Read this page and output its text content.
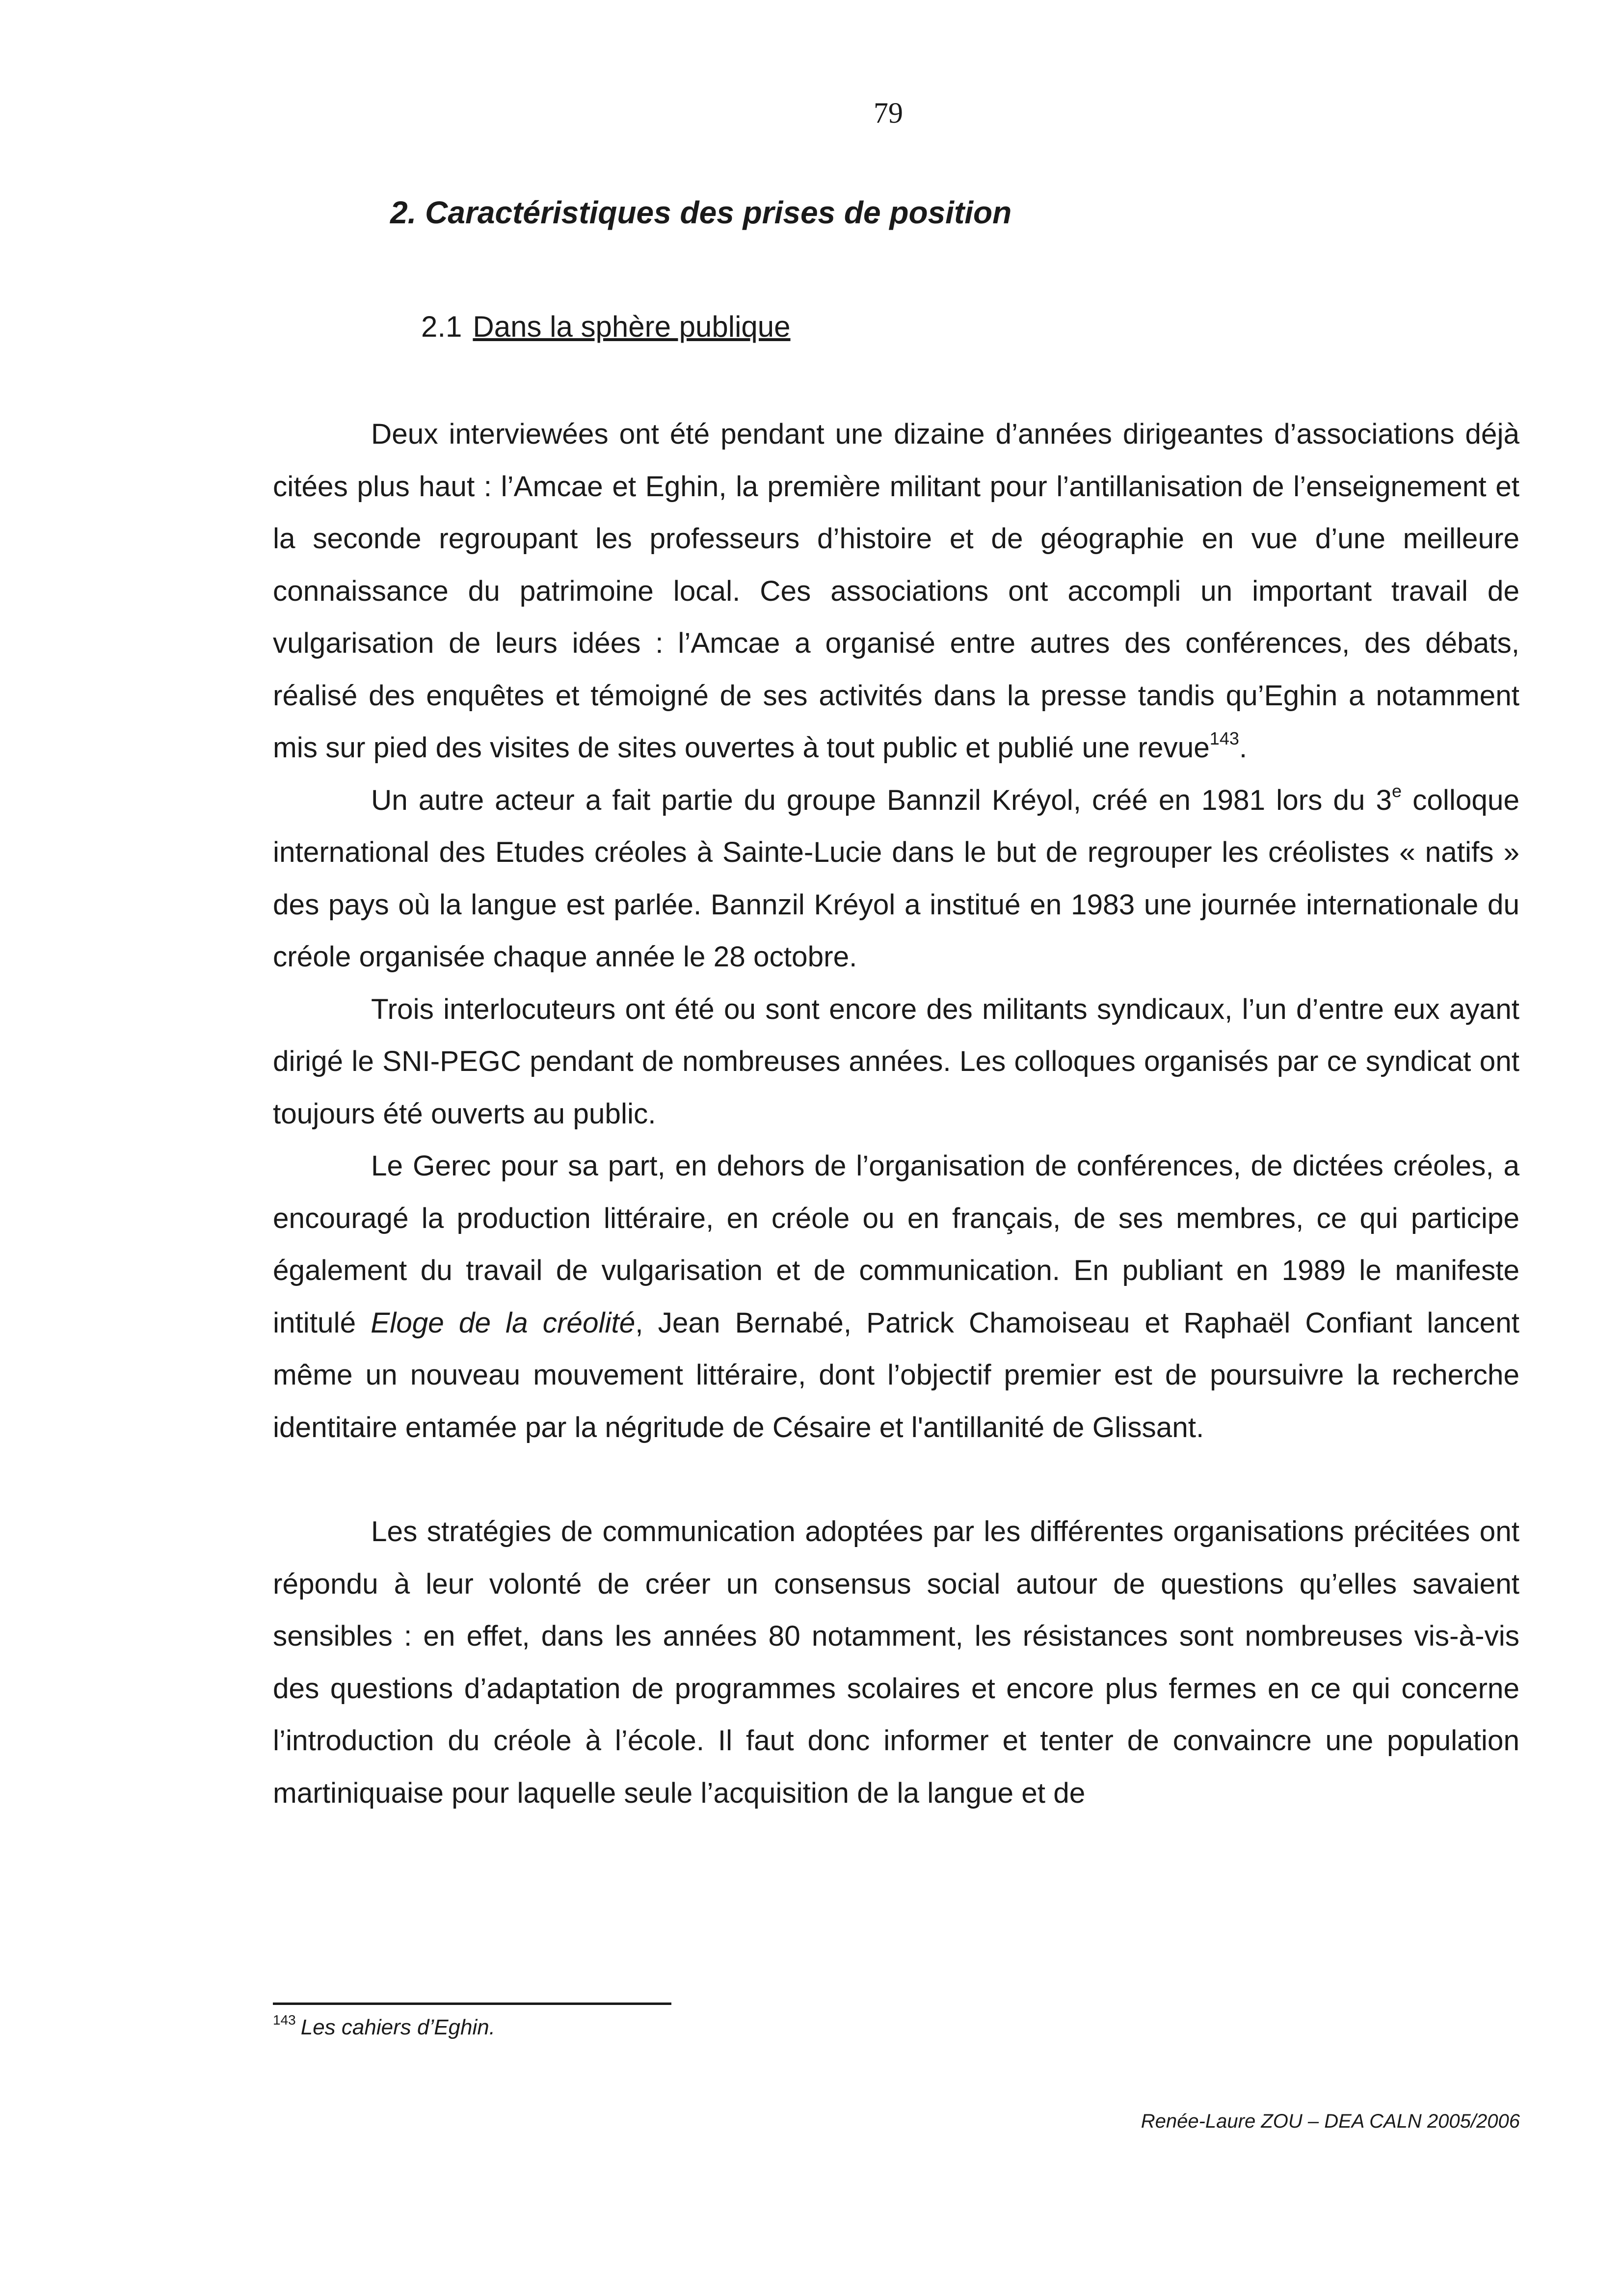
79
2. Caractéristiques des prises de position
2.1 Dans la sphère publique

Deux interviewées ont été pendant une dizaine d’années dirigeantes d’associations déjà citées plus haut : l’Amcae et Eghin, la première militant pour l’antillanisation de l’enseignement et la seconde regroupant les professeurs d’histoire et de géographie en vue d’une meilleure connaissance du patrimoine local. Ces associations ont accompli un important travail de vulgarisation de leurs idées : l’Amcae a organisé entre autres des conférences, des débats, réalisé des enquêtes et témoigné de ses activités dans la presse tandis qu’Eghin a notamment mis sur pied des visites de sites ouvertes à tout public et publié une revue$^{143}$.

Un autre acteur a fait partie du groupe Bannzil Kréyol, créé en 1981 lors du 3e colloque international des Etudes créoles à Sainte-Lucie dans le but de regrouper les créolistes « natifs » des pays où la langue est parlée. Bannzil Kréyol a institué en 1983 une journée internationale du créole organisée chaque année le 28 octobre.

Trois interlocuteurs ont été ou sont encore des militants syndicaux, l’un d’entre eux ayant dirigé le SNI-PEGC pendant de nombreuses années. Les colloques organisés par ce syndicat ont toujours été ouverts au public.

Le Gerec pour sa part, en dehors de l’organisation de conférences, de dictées créoles, a encouragé la production littéraire, en créole ou en français, de ses membres, ce qui participe également du travail de vulgarisation et de communication. En publiant en 1989 le manifeste intitulé Eloge de la créolité, Jean Bernabé, Patrick Chamoiseau et Raphaël Confiant lancent même un nouveau mouvement littéraire, dont l’objectif premier est de poursuivre la recherche identitaire entamée par la négritude de Césaire et l'antillanité de Glissant.

Les stratégies de communication adoptées par les différentes organisations précitées ont répondu à leur volonté de créer un consensus social autour de questions qu’elles savaient sensibles : en effet, dans les années 80 notamment, les résistances sont nombreuses vis-à-vis des questions d’adaptation de programmes scolaires et encore plus fermes en ce qui concerne l’introduction du créole à l’école. Il faut donc informer et tenter de convaincre une population martiniquaise pour laquelle seule l’acquisition de la langue et de

$^{143}$ Les cahiers d’Eghin.
Renée-Laure ZOU – DEA CALN 2005/2006
